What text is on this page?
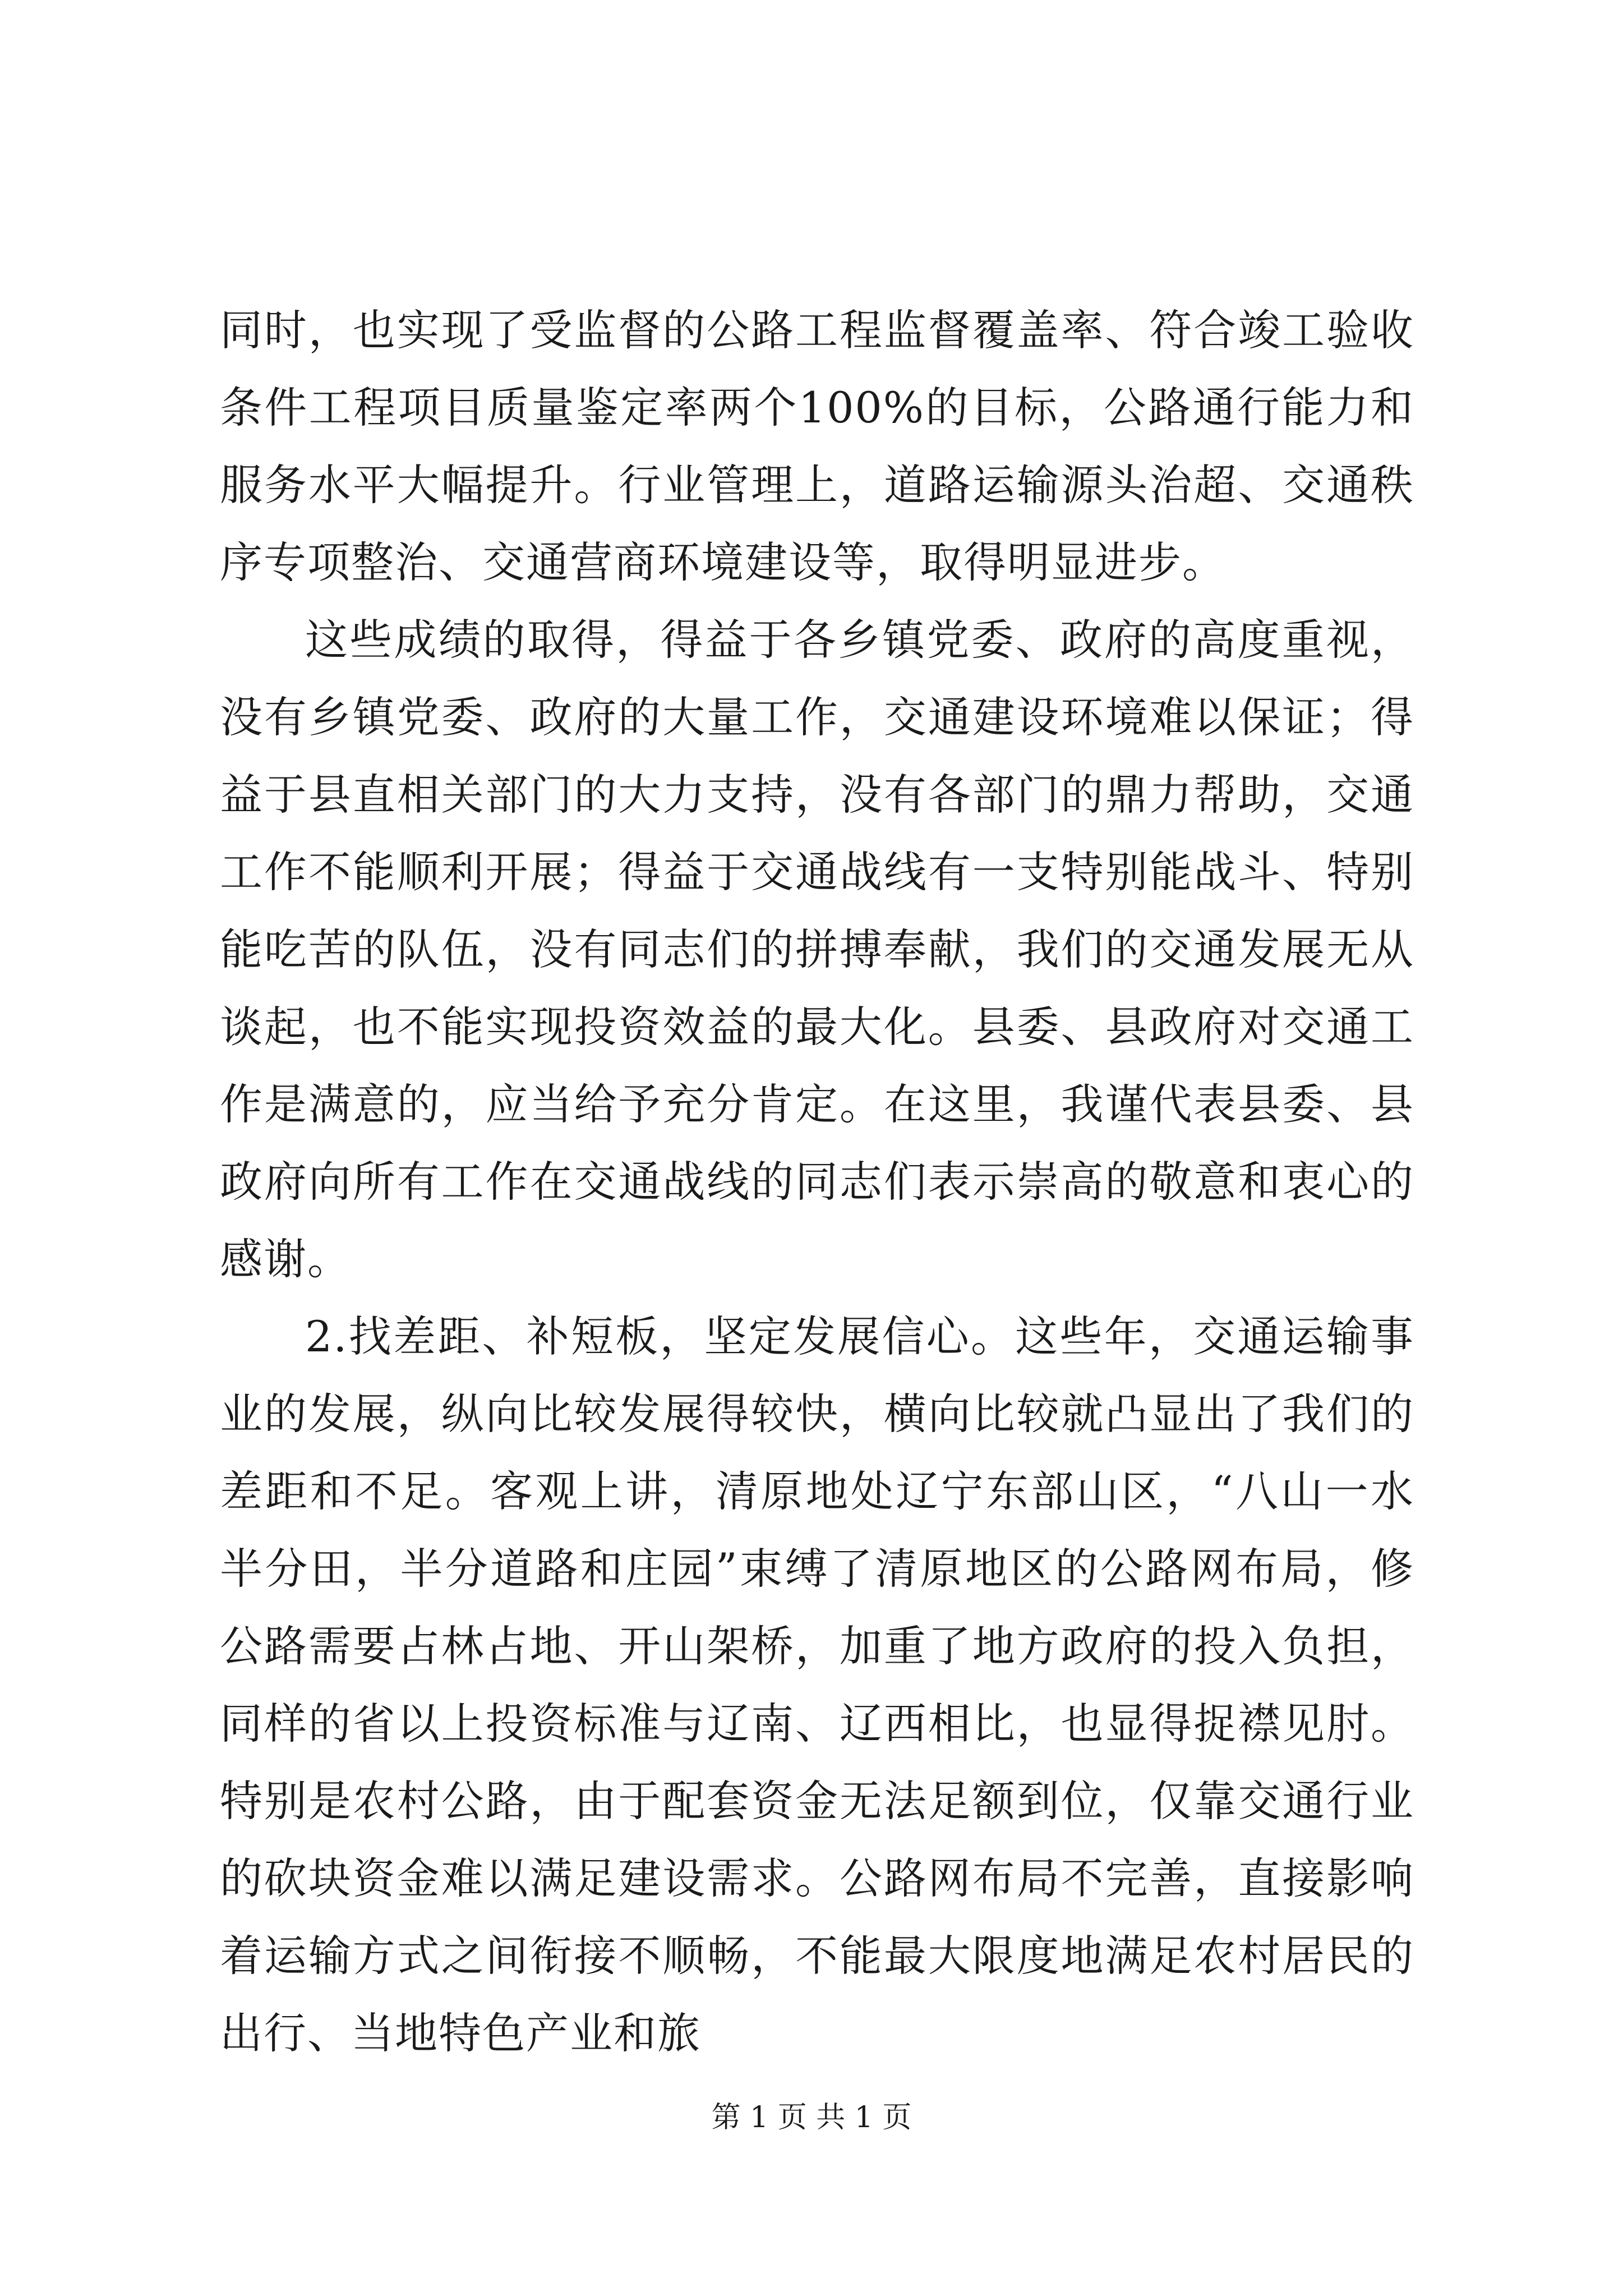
同时，也实现了受监督的公路工程监督覆盖率、符合竣工验收条件工程项目质量鉴定率两个100%的目标，公路通行能力和服务水平大幅提升。行业管理上，道路运输源头治超、交通秩序专项整治、交通营商环境建设等，取得明显进步。

这些成绩的取得，得益于各乡镇党委、政府的高度重视，没有乡镇党委、政府的大量工作，交通建设环境难以保证；得益于县直相关部门的大力支持，没有各部门的鼎力帮助，交通工作不能顺利开展；得益于交通战线有一支特别能战斗、特别能吃苦的队伍，没有同志们的拼搏奉献，我们的交通发展无从谈起，也不能实现投资效益的最大化。县委、县政府对交通工作是满意的，应当给予充分肯定。在这里，我谨代表县委、县政府向所有工作在交通战线的同志们表示崇高的敬意和衷心的感谢。

2.找差距、补短板，坚定发展信心。这些年，交通运输事业的发展，纵向比较发展得较快，横向比较就凸显出了我们的差距和不足。客观上讲，清原地处辽宁东部山区，“八山一水半分田，半分道路和庄园”束缚了清原地区的公路网布局，修公路需要占林占地、开山架桥，加重了地方政府的投入负担，同样的省以上投资标准与辽南、辽西相比，也显得捉襟见肘。特别是农村公路，由于配套资金无法足额到位，仅靠交通行业的砍块资金难以满足建设需求。公路网布局不完善，直接影响着运输方式之间衔接不顺畅，不能最大限度地满足农村居民的出行、当地特色产业和旅

第 1 页 共 1 页
